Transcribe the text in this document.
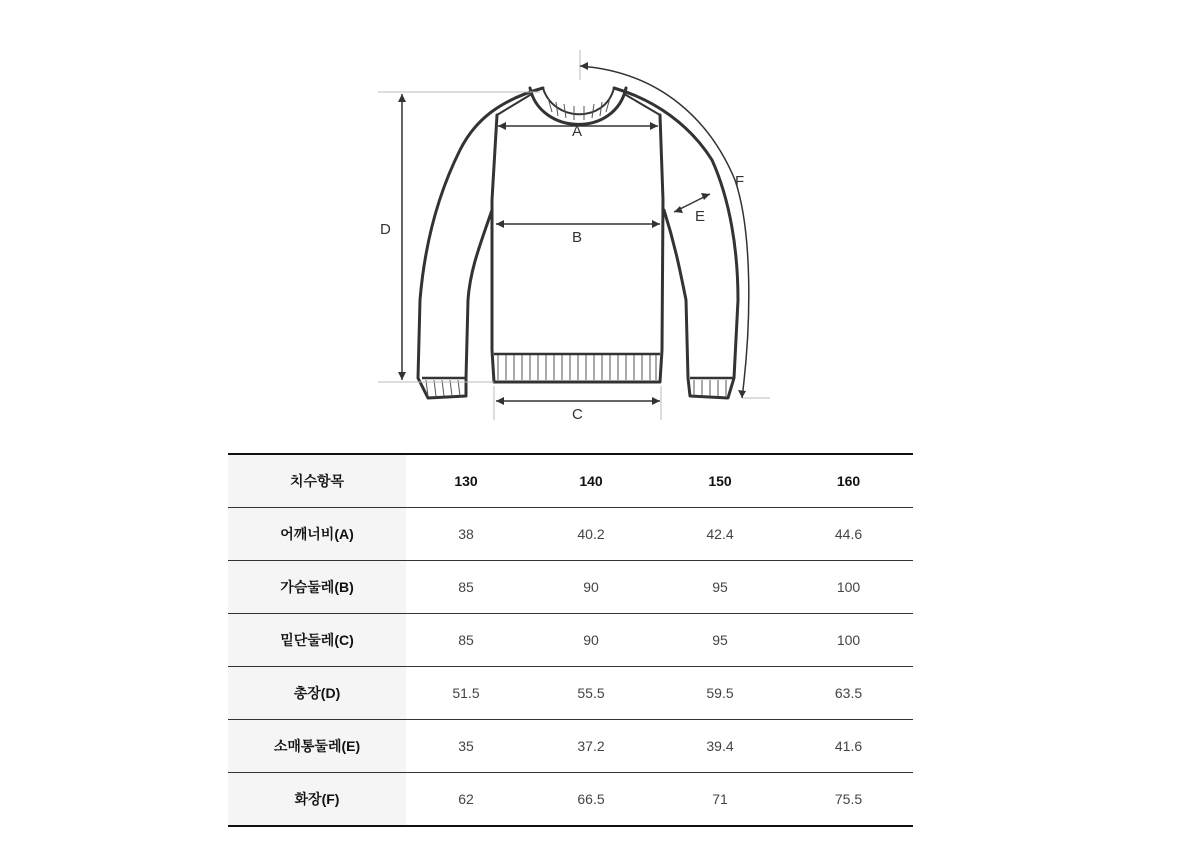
A
B
C
D
E
F
치수항목	130	140	150	160
어깨너비(A)	38	40.2	42.4	44.6
가슴둘레(B)	85	90	95	100
밑단둘레(C)	85	90	95	100
총장(D)	51.5	55.5	59.5	63.5
소매통둘레(E)	35	37.2	39.4	41.6
화장(F)	62	66.5	71	75.5
